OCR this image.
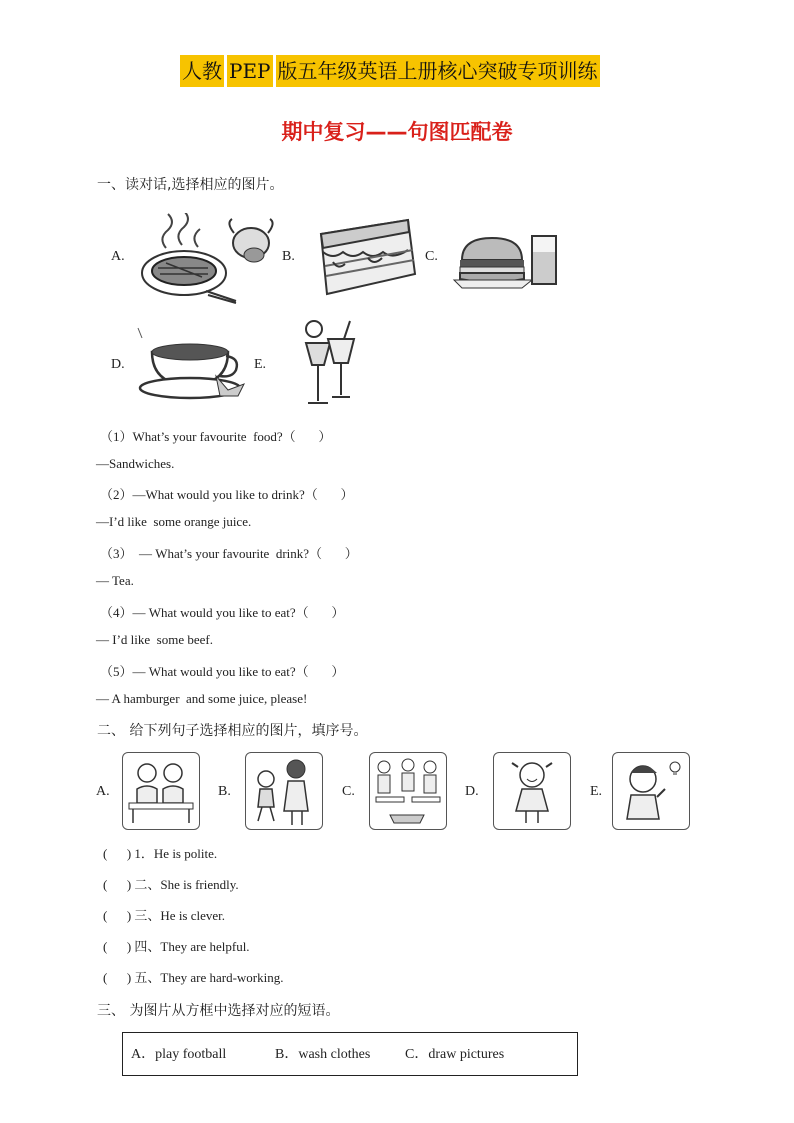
人教 PEP 版五年级英语上册核心突破专项训练
期中复习——句图匹配卷
一、读对话,选择相应的图片。
A.	B.	C.
D.	E.
（1）What’s your favourite  food?（       ）
—Sandwiches.
（2）—What would you like to drink?（       ）
—I’d like  some orange juice.
（3）  — What’s your favourite  drink?（       ）
— Tea.
（4）— What would you like to eat?（       ）
— I’d like  some beef.
（5）— What would you like to eat?（       ）
— A hamburger  and some juice, please!
二、 给下列句子选择相应的图片，填序号。
A.	B.	C.	D.	E.
(      ) 1．He is polite.
(      ) 二、She is friendly.
(      ) 三、He is clever.
(      ) 四、They are helpful.
(      ) 五、They are hard-working.
三、 为图片从方框中选择对应的短语。
A．play football	B．wash clothes C．draw pictures
